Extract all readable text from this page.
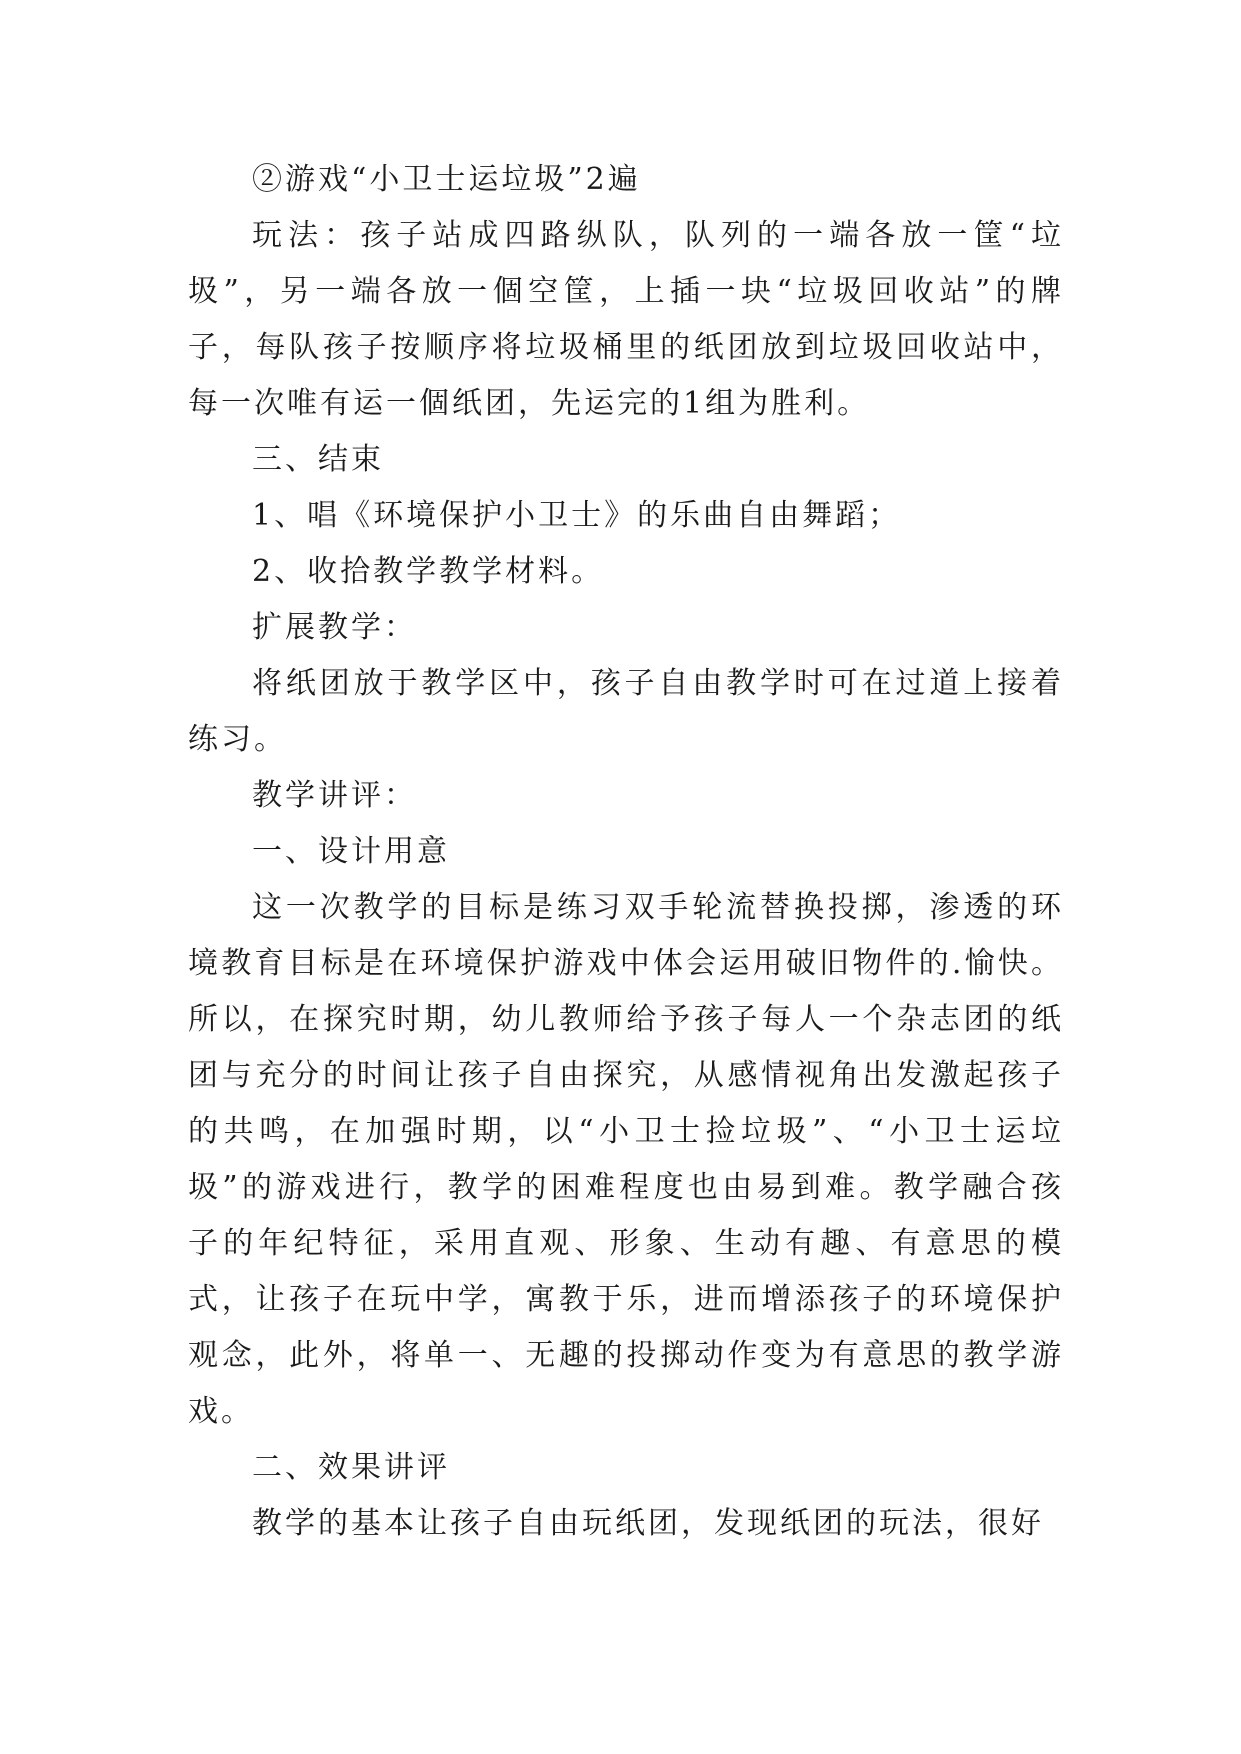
②游戏“小卫士运垃圾”2遍

玩法：孩子站成四路纵队，队列的一端各放一筐“垃圾”，另一端各放一個空筐，上插一块“垃圾回收站”的牌子，每队孩子按顺序将垃圾桶里的纸团放到垃圾回收站中，每一次唯有运一個纸团，先运完的1组为胜利。

三、结束

1、唱《环境保护小卫士》的乐曲自由舞蹈；

2、收拾教学教学材料。

扩展教学：

将纸团放于教学区中，孩子自由教学时可在过道上接着练习。

教学讲评：

一、设计用意

这一次教学的目标是练习双手轮流替换投掷，渗透的环境教育目标是在环境保护游戏中体会运用破旧物件的.愉快。所以，在探究时期，幼儿教师给予孩子每人一个杂志团的纸团与充分的时间让孩子自由探究，从感情视角出发激起孩子的共鸣，在加强时期，以“小卫士捡垃圾”、“小卫士运垃圾”的游戏进行，教学的困难程度也由易到难。教学融合孩子的年纪特征，采用直观、形象、生动有趣、有意思的模式，让孩子在玩中学，寓教于乐，进而增添孩子的环境保护观念，此外，将单一、无趣的投掷动作变为有意思的教学游戏。

二、效果讲评

教学的基本让孩子自由玩纸团，发现纸团的玩法，很好
